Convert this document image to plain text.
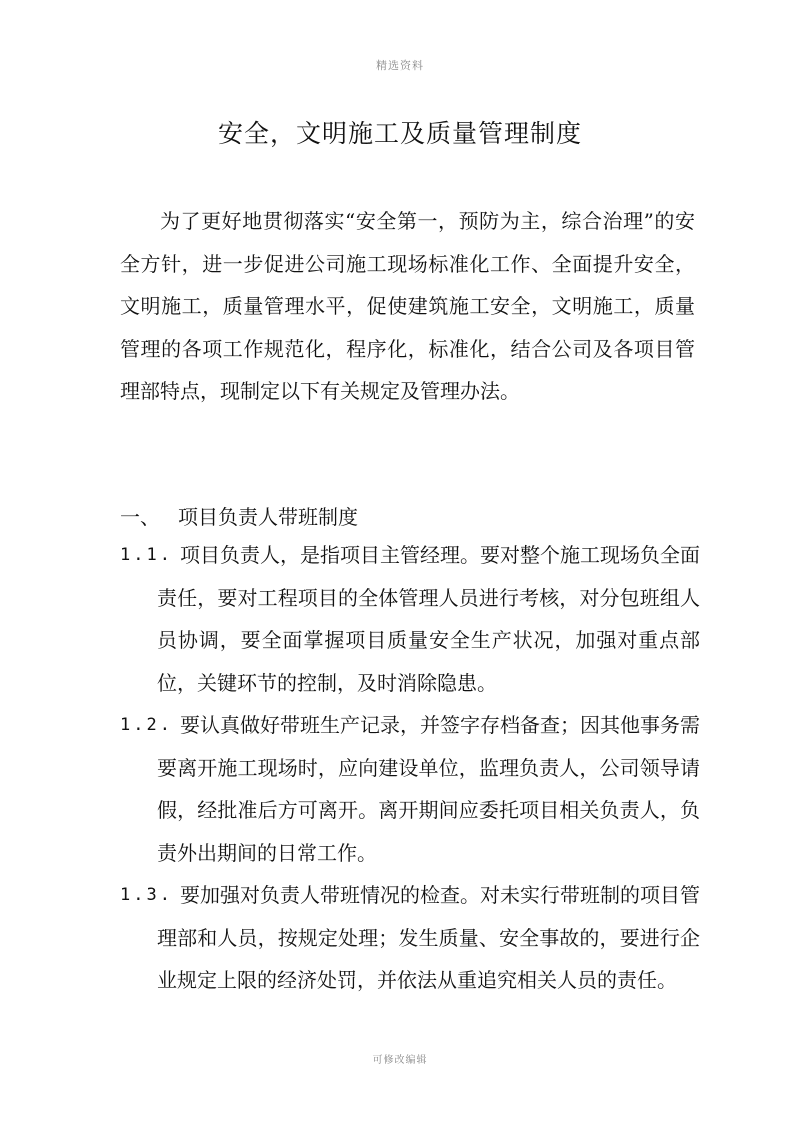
精选资料
安全，文明施工及质量管理制度

为了更好地贯彻落实“安全第一，预防为主，综合治理”的安全方针，进一步促进公司施工现场标准化工作、全面提升安全，文明施工，质量管理水平，促使建筑施工安全，文明施工，质量管理的各项工作规范化，程序化，标准化，结合公司及各项目管理部特点，现制定以下有关规定及管理办法。

一、 项目负责人带班制度

1.1. 项目负责人，是指项目主管经理。要对整个施工现场负全面责任，要对工程项目的全体管理人员进行考核，对分包班组人员协调，要全面掌握项目质量安全生产状况，加强对重点部位，关键环节的控制，及时消除隐患。

1.2. 要认真做好带班生产记录，并签字存档备查；因其他事务需要离开施工现场时，应向建设单位，监理负责人，公司领导请假，经批准后方可离开。离开期间应委托项目相关负责人，负责外出期间的日常工作。

1.3. 要加强对负责人带班情况的检查。对未实行带班制的项目管理部和人员，按规定处理；发生质量、安全事故的，要进行企业规定上限的经济处罚，并依法从重追究相关人员的责任。

可修改编辑
